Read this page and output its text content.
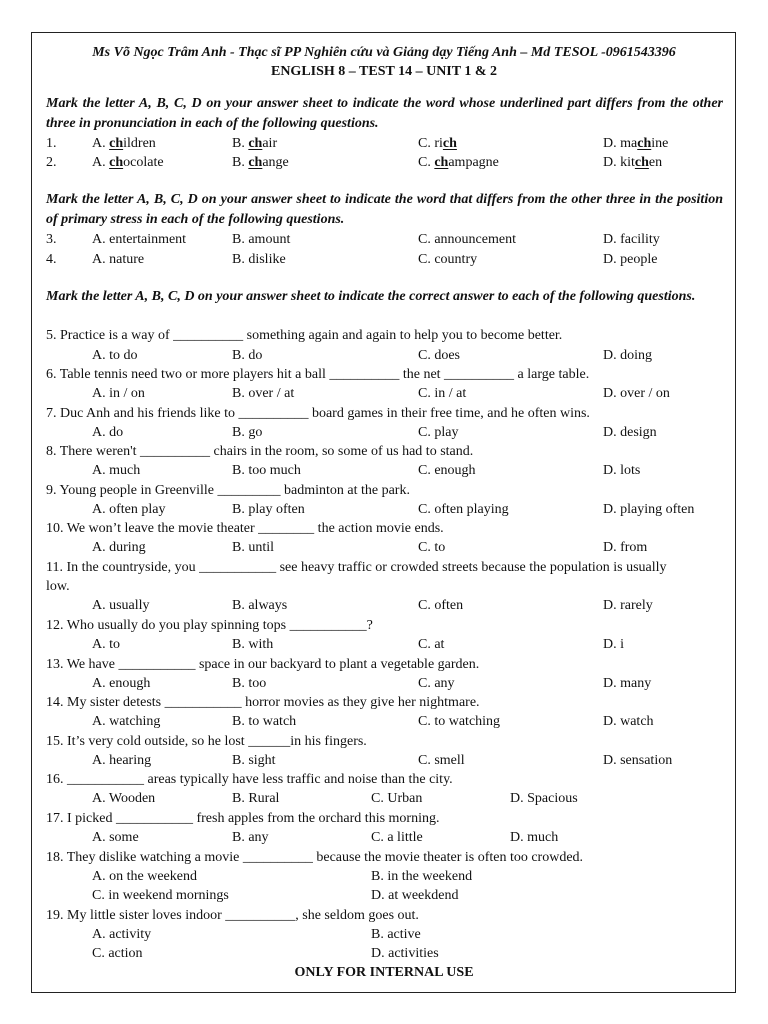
Ms Võ Ngọc Trâm Anh - Thạc sĩ PP Nghiên cứu và Giảng dạy Tiếng Anh – Md TESOL -0961543396
ENGLISH 8 – TEST 14 – UNIT 1 & 2
Mark the letter A, B, C, D on your answer sheet to indicate the word whose underlined part differs from the other three in pronunciation in each of the following questions.
1.	A. children	B. chair	C. rich	D. machine
2.	A. chocolate	B. change	C. champagne	D. kitchen
Mark the letter A, B, C, D on your answer sheet to indicate the word that differs from the other three in the position of primary stress in each of the following questions.
3.	A. entertainment	B. amount	C. announcement	D. facility
4.	A. nature	B. dislike	C. country	D. people
Mark the letter A, B, C, D on your answer sheet to indicate the correct answer to each of the following questions.
5. Practice is a way of __________ something again and again to help you to become better.
A. to do	B. do	C. does	D. doing
6. Table tennis need two or more players hit a ball __________ the net __________ a large table.
A. in / on	B. over / at	C. in / at	D. over / on
7. Duc Anh and his friends like to __________ board games in their free time, and he often wins.
A. do	B. go	C. play	D. design
8. There weren't __________ chairs in the room, so some of us had to stand.
A. much	B. too much	C. enough	D. lots
9. Young people in Greenville _________ badminton at the park.
A. often play	B. play often	C. often playing	D. playing often
10. We won’t leave the movie theater ________ the action movie ends.
A. during	B. until	C. to	D. from
11. In the countryside, you ___________ see heavy traffic or crowded streets because the population is usually
low.
A. usually	B. always	C. often	D. rarely
12. Who usually do you play spinning tops ___________?
A. to	B. with	C. at	D. i
13. We have ___________ space in our backyard to plant a vegetable garden.
A. enough	B. too	C. any	D. many
14. My sister detests ___________ horror movies as they give her nightmare.
A. watching	B. to watch	C. to watching	D. watch
15. It’s very cold outside, so he lost ______in his fingers.
A. hearing	B. sight	C. smell	D. sensation
16. ___________ areas typically have less traffic and noise than the city.
A. Wooden	B. Rural	C. Urban	D. Spacious
17. I picked ___________ fresh apples from the orchard this morning.
A. some	B. any	C. a little	D. much
18. They dislike watching a movie __________ because the movie theater is often too crowded.
A. on the weekend	B. in the weekend
C. in weekend mornings	D. at weekdend
19. My little sister loves indoor __________, she seldom goes out.
A. activity	B. active
C. action	D. activities
ONLY FOR INTERNAL USE
